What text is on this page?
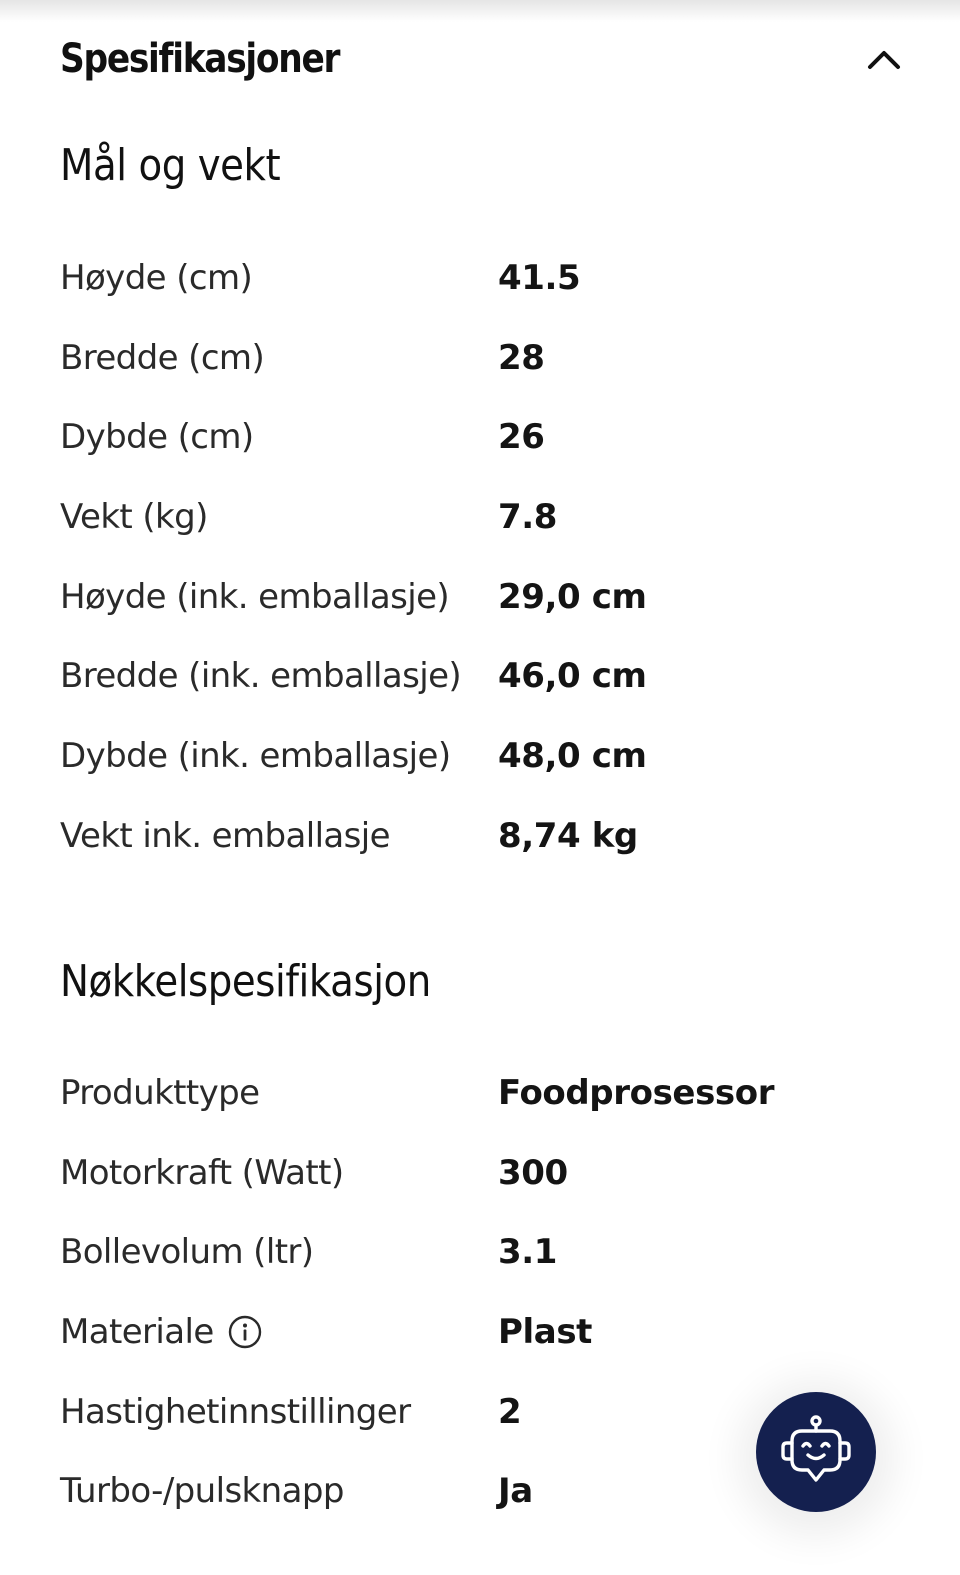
Spesifikasjoner
Mål og vekt
Høyde (cm)	41.5
Bredde (cm)	28
Dybde (cm)	26
Vekt (kg)	7.8
Høyde (ink. emballasje)	29,0 cm
Bredde (ink. emballasje)	46,0 cm
Dybde (ink. emballasje)	48,0 cm
Vekt ink. emballasje	8,74 kg
Nøkkelspesifikasjon
Produkttype	Foodprosessor
Motorkraft (Watt)	300
Bollevolum (ltr)	3.1
Materiale	Plast
Hastighetinnstillinger	2
Turbo-/pulsknapp	Ja
